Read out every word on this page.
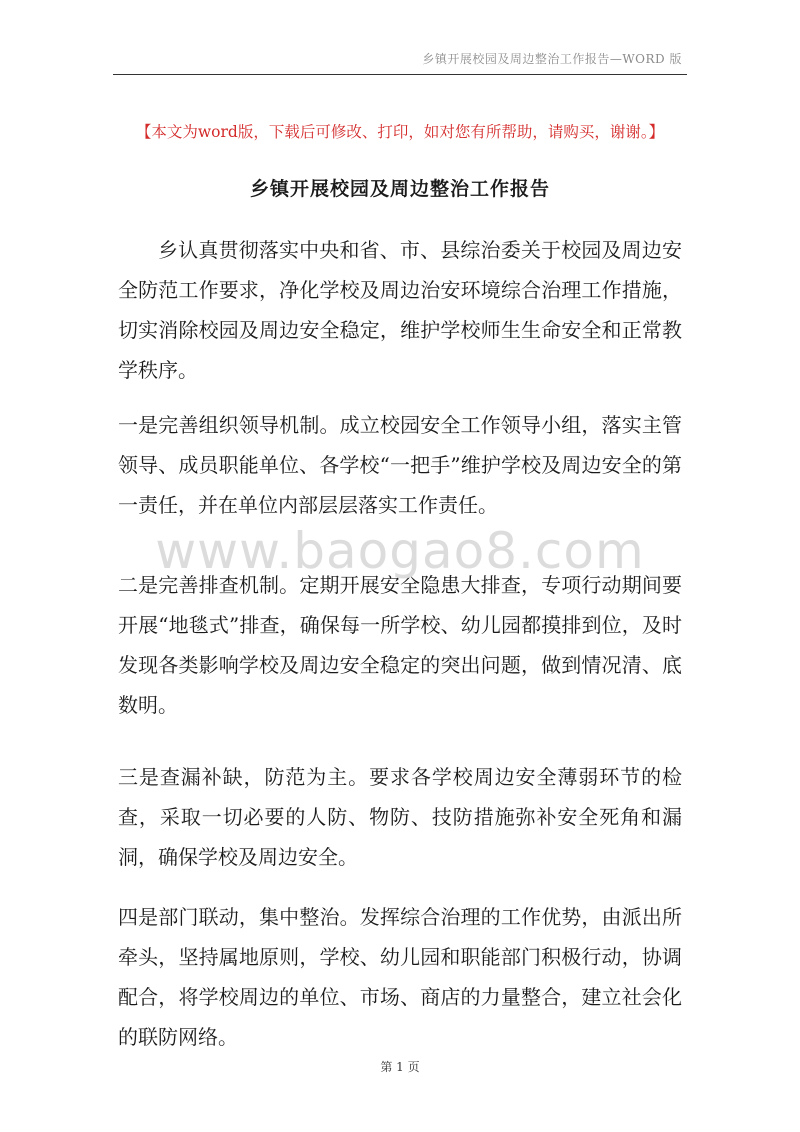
乡镇开展校园及周边整治工作报告—WORD 版
【本文为word版，下载后可修改、打印，如对您有所帮助，请购买，谢谢。】
乡镇开展校园及周边整治工作报告

乡认真贯彻落实中央和省、市、县综治委关于校园及周边安全防范工作要求，净化学校及周边治安环境综合治理工作措施，切实消除校园及周边安全稳定，维护学校师生生命安全和正常教学秩序。

一是完善组织领导机制。成立校园安全工作领导小组，落实主管领导、成员职能单位、各学校“一把手”维护学校及周边安全的第一责任，并在单位内部层层落实工作责任。

二是完善排查机制。定期开展安全隐患大排查，专项行动期间要开展“地毯式”排查，确保每一所学校、幼儿园都摸排到位，及时发现各类影响学校及周边安全稳定的突出问题，做到情况清、底数明。

三是查漏补缺，防范为主。要求各学校周边安全薄弱环节的检查，采取一切必要的人防、物防、技防措施弥补安全死角和漏洞，确保学校及周边安全。

四是部门联动，集中整治。发挥综合治理的工作优势，由派出所牵头，坚持属地原则，学校、幼儿园和职能部门积极行动，协调配合，将学校周边的单位、市场、商店的力量整合，建立社会化的联防网络。

www.baogao8.com
第 1 页
